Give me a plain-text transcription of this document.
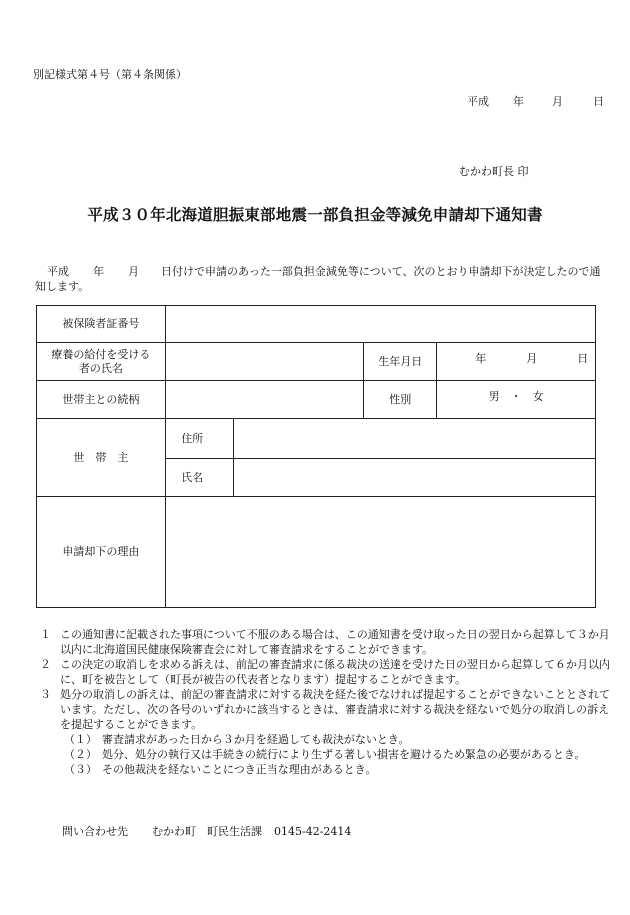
別記様式第４号（第４条関係）
平成 年	月	日
むかわ町長 印
平成３０年北海道胆振東部地震一部負担金等減免申請却下通知書
平成 年 月 日付けで申請のあった一部負担金減免等について、次のとおり申請却下が決定したので通知します。
被保険者証番号				

療養の給付を受ける
者の氏名			生年月日	年 月 日
世帯主との続柄			性別	男　・　女
世　帯　主	住所			
	氏名			
申請却下の理由				

１ この通知書に記載された事項について不服のある場合は、この通知書を受け取った日の翌日から起算して３か月以内に北海道国民健康保険審査会に対して審査請求をすることができます。

２ この決定の取消しを求める訴えは、前記の審査請求に係る裁決の送達を受けた日の翌日から起算して６か月以内に、町を被告として（町長が被告の代表者となります）提起することができます。

３ 処分の取消しの訴えは、前記の審査請求に対する裁決を経た後でなければ提起することができないこととされています。ただし、次の各号のいずれかに該当するときは、審査請求に対する裁決を経ないで処分の取消しの訴えを提起することができます。

（１） 審査請求があった日から３か月を経過しても裁決がないとき。

（２） 処分、処分の執行又は手続きの続行により生ずる著しい損害を避けるため緊急の必要があるとき。

（３） その他裁決を経ないことにつき正当な理由があるとき。

問い合わせ先 むかわ町　町民生活課 0145-42-2414
